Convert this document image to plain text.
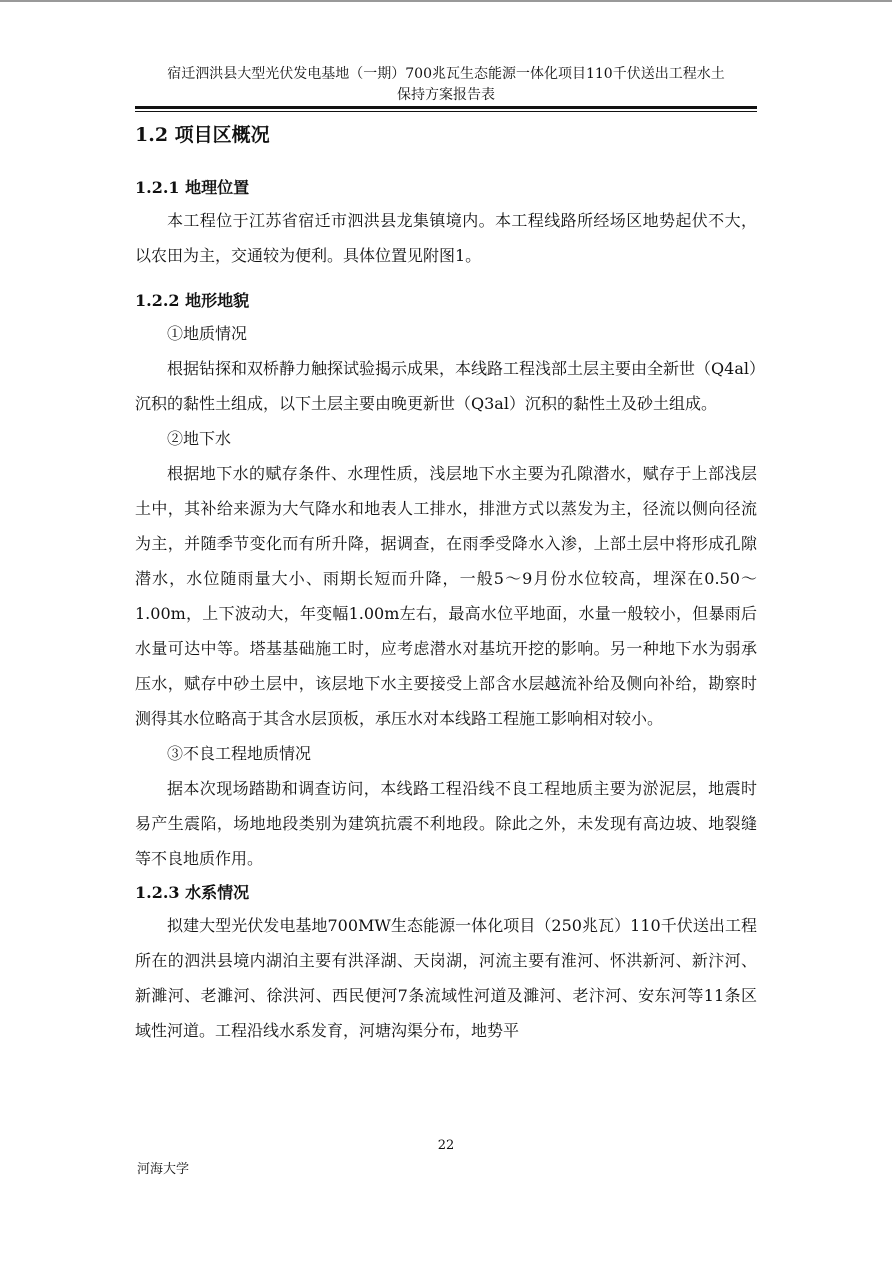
宿迁泗洪县大型光伏发电基地（一期）700兆瓦生态能源一体化项目110千伏送出工程水土
保持方案报告表
1.2 项目区概况
1.2.1 地理位置

本工程位于江苏省宿迁市泗洪县龙集镇境内。本工程线路所经场区地势起伏不大，以农田为主，交通较为便利。具体位置见附图1。

1.2.2 地形地貌

①地质情况

根据钻探和双桥静力触探试验揭示成果，本线路工程浅部土层主要由全新世（Q4al）沉积的黏性土组成，以下土层主要由晚更新世（Q3al）沉积的黏性土及砂土组成。

②地下水

根据地下水的赋存条件、水理性质，浅层地下水主要为孔隙潜水，赋存于上部浅层土中，其补给来源为大气降水和地表人工排水，排泄方式以蒸发为主，径流以侧向径流为主，并随季节变化而有所升降，据调查，在雨季受降水入渗，上部土层中将形成孔隙潜水，水位随雨量大小、雨期长短而升降，一般5～9月份水位较高，埋深在0.50～1.00m，上下波动大，年变幅1.00m左右，最高水位平地面，水量一般较小，但暴雨后水量可达中等。塔基基础施工时，应考虑潜水对基坑开挖的影响。另一种地下水为弱承压水，赋存中砂土层中，该层地下水主要接受上部含水层越流补给及侧向补给，勘察时测得其水位略高于其含水层顶板，承压水对本线路工程施工影响相对较小。

③不良工程地质情况

据本次现场踏勘和调查访问，本线路工程沿线不良工程地质主要为淤泥层，地震时易产生震陷，场地地段类别为建筑抗震不利地段。除此之外，未发现有高边坡、地裂缝等不良地质作用。

1.2.3 水系情况

拟建大型光伏发电基地700MW生态能源一体化项目（250兆瓦）110千伏送出工程所在的泗洪县境内湖泊主要有洪泽湖、天岗湖，河流主要有淮河、怀洪新河、新汴河、新濉河、老濉河、徐洪河、西民便河7条流域性河道及濉河、老汴河、安东河等11条区域性河道。工程沿线水系发育，河塘沟渠分布，地势平

22
河海大学
